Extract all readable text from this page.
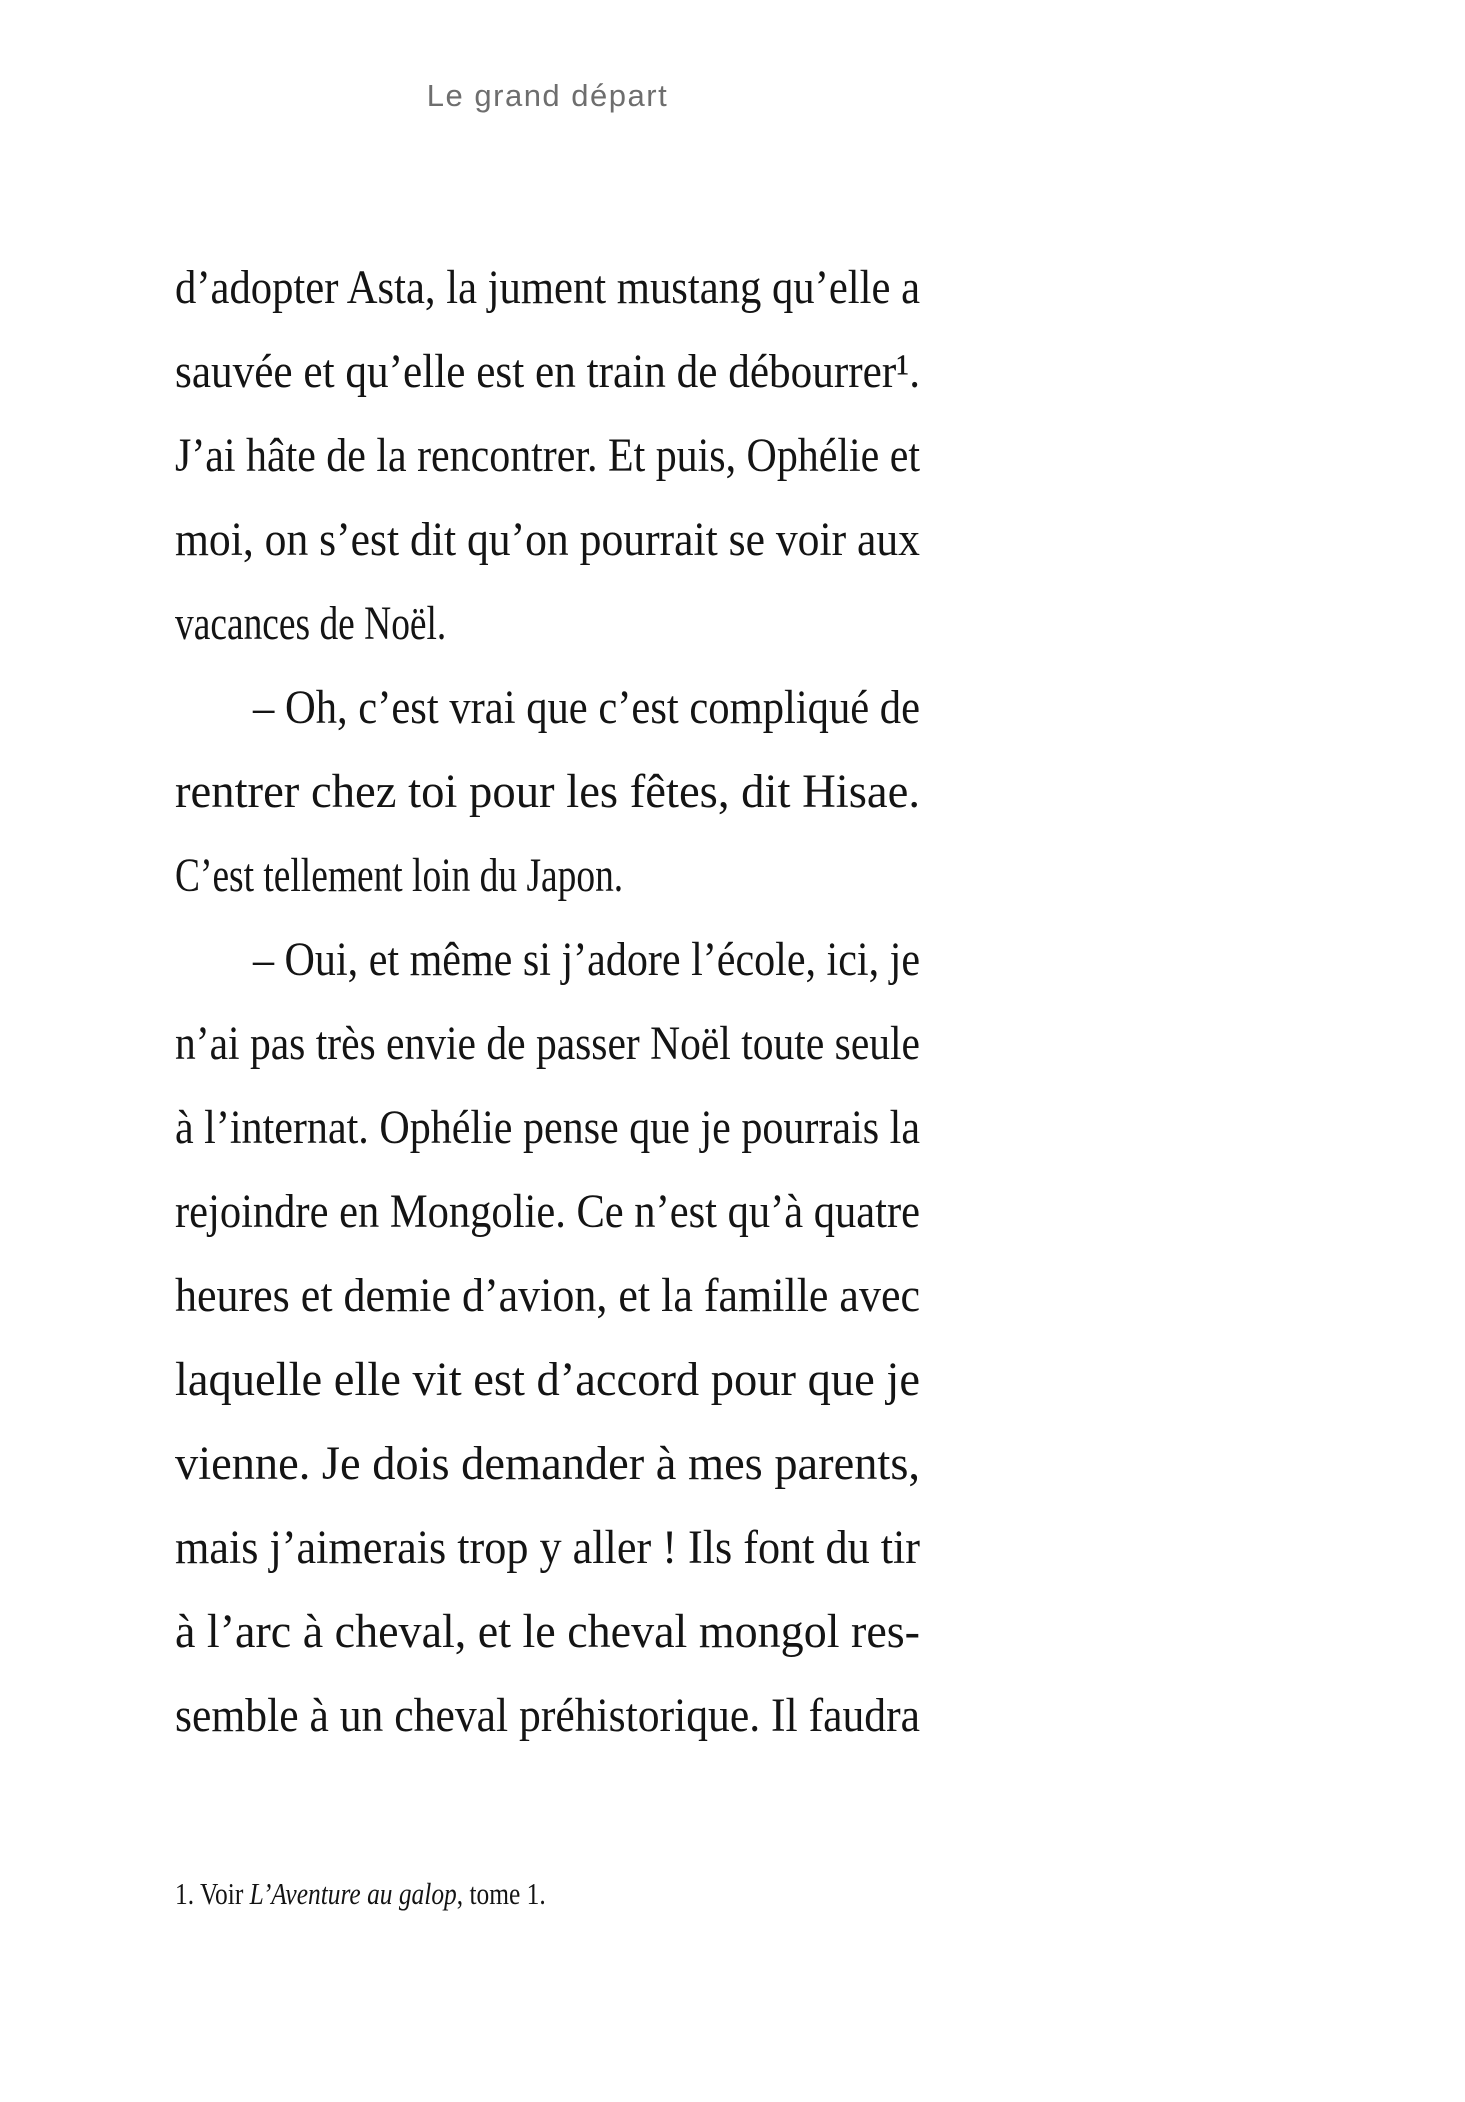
Le grand départ
d’adopter Asta, la jument mustang qu’elle a
sauvée et qu’elle est en train de débourrer¹.
J’ai hâte de la rencontrer. Et puis, Ophélie et
moi, on s’est dit qu’on pourrait se voir aux
vacances de Noël.
– Oh, c’est vrai que c’est compliqué de
rentrer chez toi pour les fêtes, dit Hisae.
C’est tellement loin du Japon.
– Oui, et même si j’adore l’école, ici, je
n’ai pas très envie de passer Noël toute seule
à l’internat. Ophélie pense que je pourrais la
rejoindre en Mongolie. Ce n’est qu’à quatre
heures et demie d’avion, et la famille avec
laquelle elle vit est d’accord pour que je
vienne. Je dois demander à mes parents,
mais j’aimerais trop y aller ! Ils font du tir
à l’arc à cheval, et le cheval mongol res-
semble à un cheval préhistorique. Il faudra
1. Voir L’Aventure au galop, tome 1.
